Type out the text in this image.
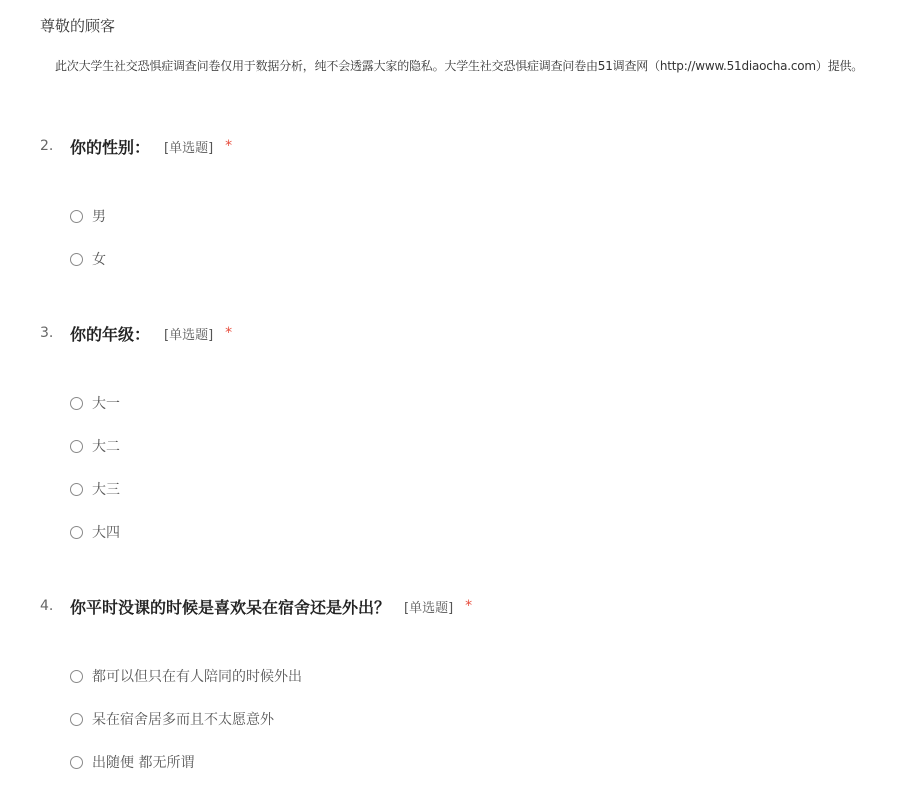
尊敬的顾客
此次大学生社交恐惧症调查问卷仅用于数据分析，纯不会透露大家的隐私。大学生社交恐惧症调查问卷由51调查网（http://www.51diaocha.com）提供。
2.	你的性别： [单选题] *
男
女
3.	你的年级： [单选题] *
大一
大二
大三
大四
4.	你平时没课的时候是喜欢呆在宿舍还是外出？ [单选题] *
都可以但只在有人陪同的时候外出
呆在宿舍居多而且不太愿意外
出随便 都无所谓
